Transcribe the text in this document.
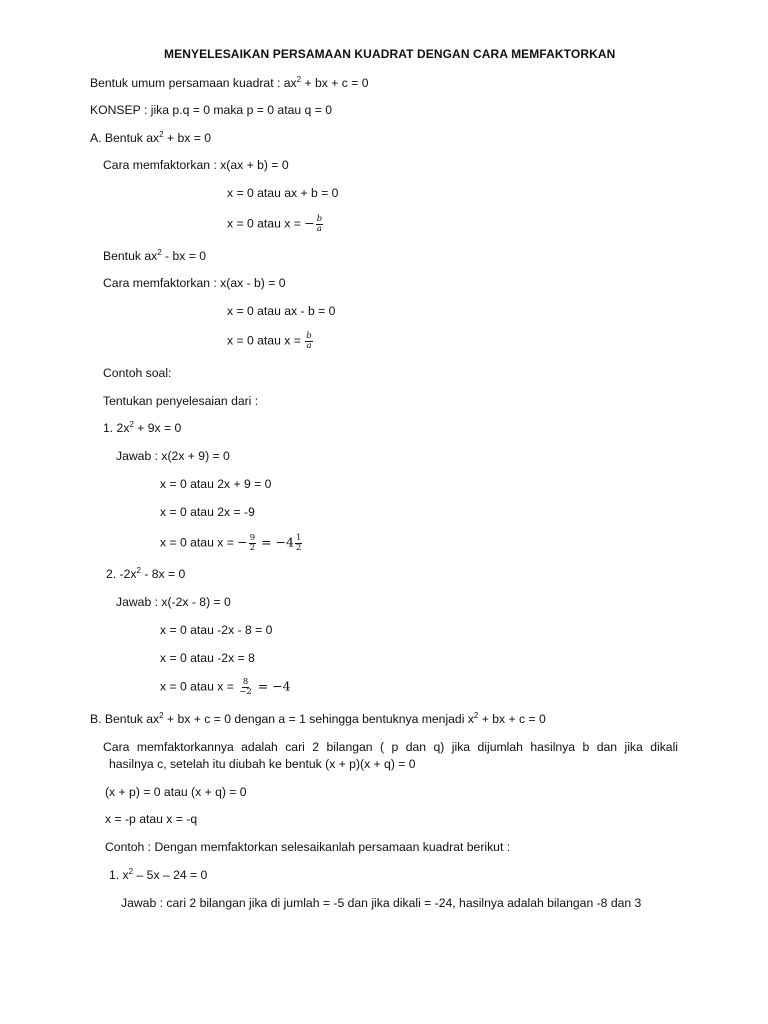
MENYELESAIKAN PERSAMAAN KUADRAT DENGAN CARA MEMFAKTORKAN
Bentuk umum persamaan kuadrat : $ax^2$ + bx + c = 0
KONSEP : jika p.q = 0 maka p = 0 atau q = 0
A. Bentuk $ax^2$ + bx = 0
Cara memfaktorkan : x(ax + b) = 0
x = 0 atau ax + b = 0
x = 0 atau x = − $\frac{b}{a}$
Bentuk $ax^2$ - bx = 0
Cara memfaktorkan : x(ax - b) = 0
x = 0 atau ax - b = 0
x = 0 atau $x = \frac{b}{a}$
Contoh soal:
Tentukan penyelesaian dari :
1. $2x^2 + 9x = 0$
Jawab : x(2x + 9) = 0
x = 0 atau 2x + 9 = 0
x = 0 atau 2x = -9
x = 0 atau x = − $\frac{9}{2} = -4 \frac{1}{2}$
2. $-2x^2 - 8x = 0$
Jawab : x(-2x - 8) = 0
x = 0 atau -2x - 8 = 0
x = 0 atau -2x = 8
x = 0 atau $x = \frac{8}{-2} = -4$
B. Bentuk $ax^2$ + bx + c = 0 dengan a = 1 sehingga bentuknya menjadi $x^2$ + bx + c = 0
Cara memfaktorkannya adalah cari 2 bilangan ( p dan q) jika dijumlah hasilnya b dan jika dikali
hasilnya c, setelah itu diubah ke bentuk (x + p)(x + q) = 0
(x + p) = 0 atau (x + q) = 0
x = -p atau x = -q
Contoh : Dengan memfaktorkan selesaikanlah persamaan kuadrat berikut :
1. $x^2 - 5x - 24 = 0$
Jawab : cari 2 bilangan jika di jumlah = -5 dan jika dikali = -24, hasilnya adalah bilangan -8 dan 3
